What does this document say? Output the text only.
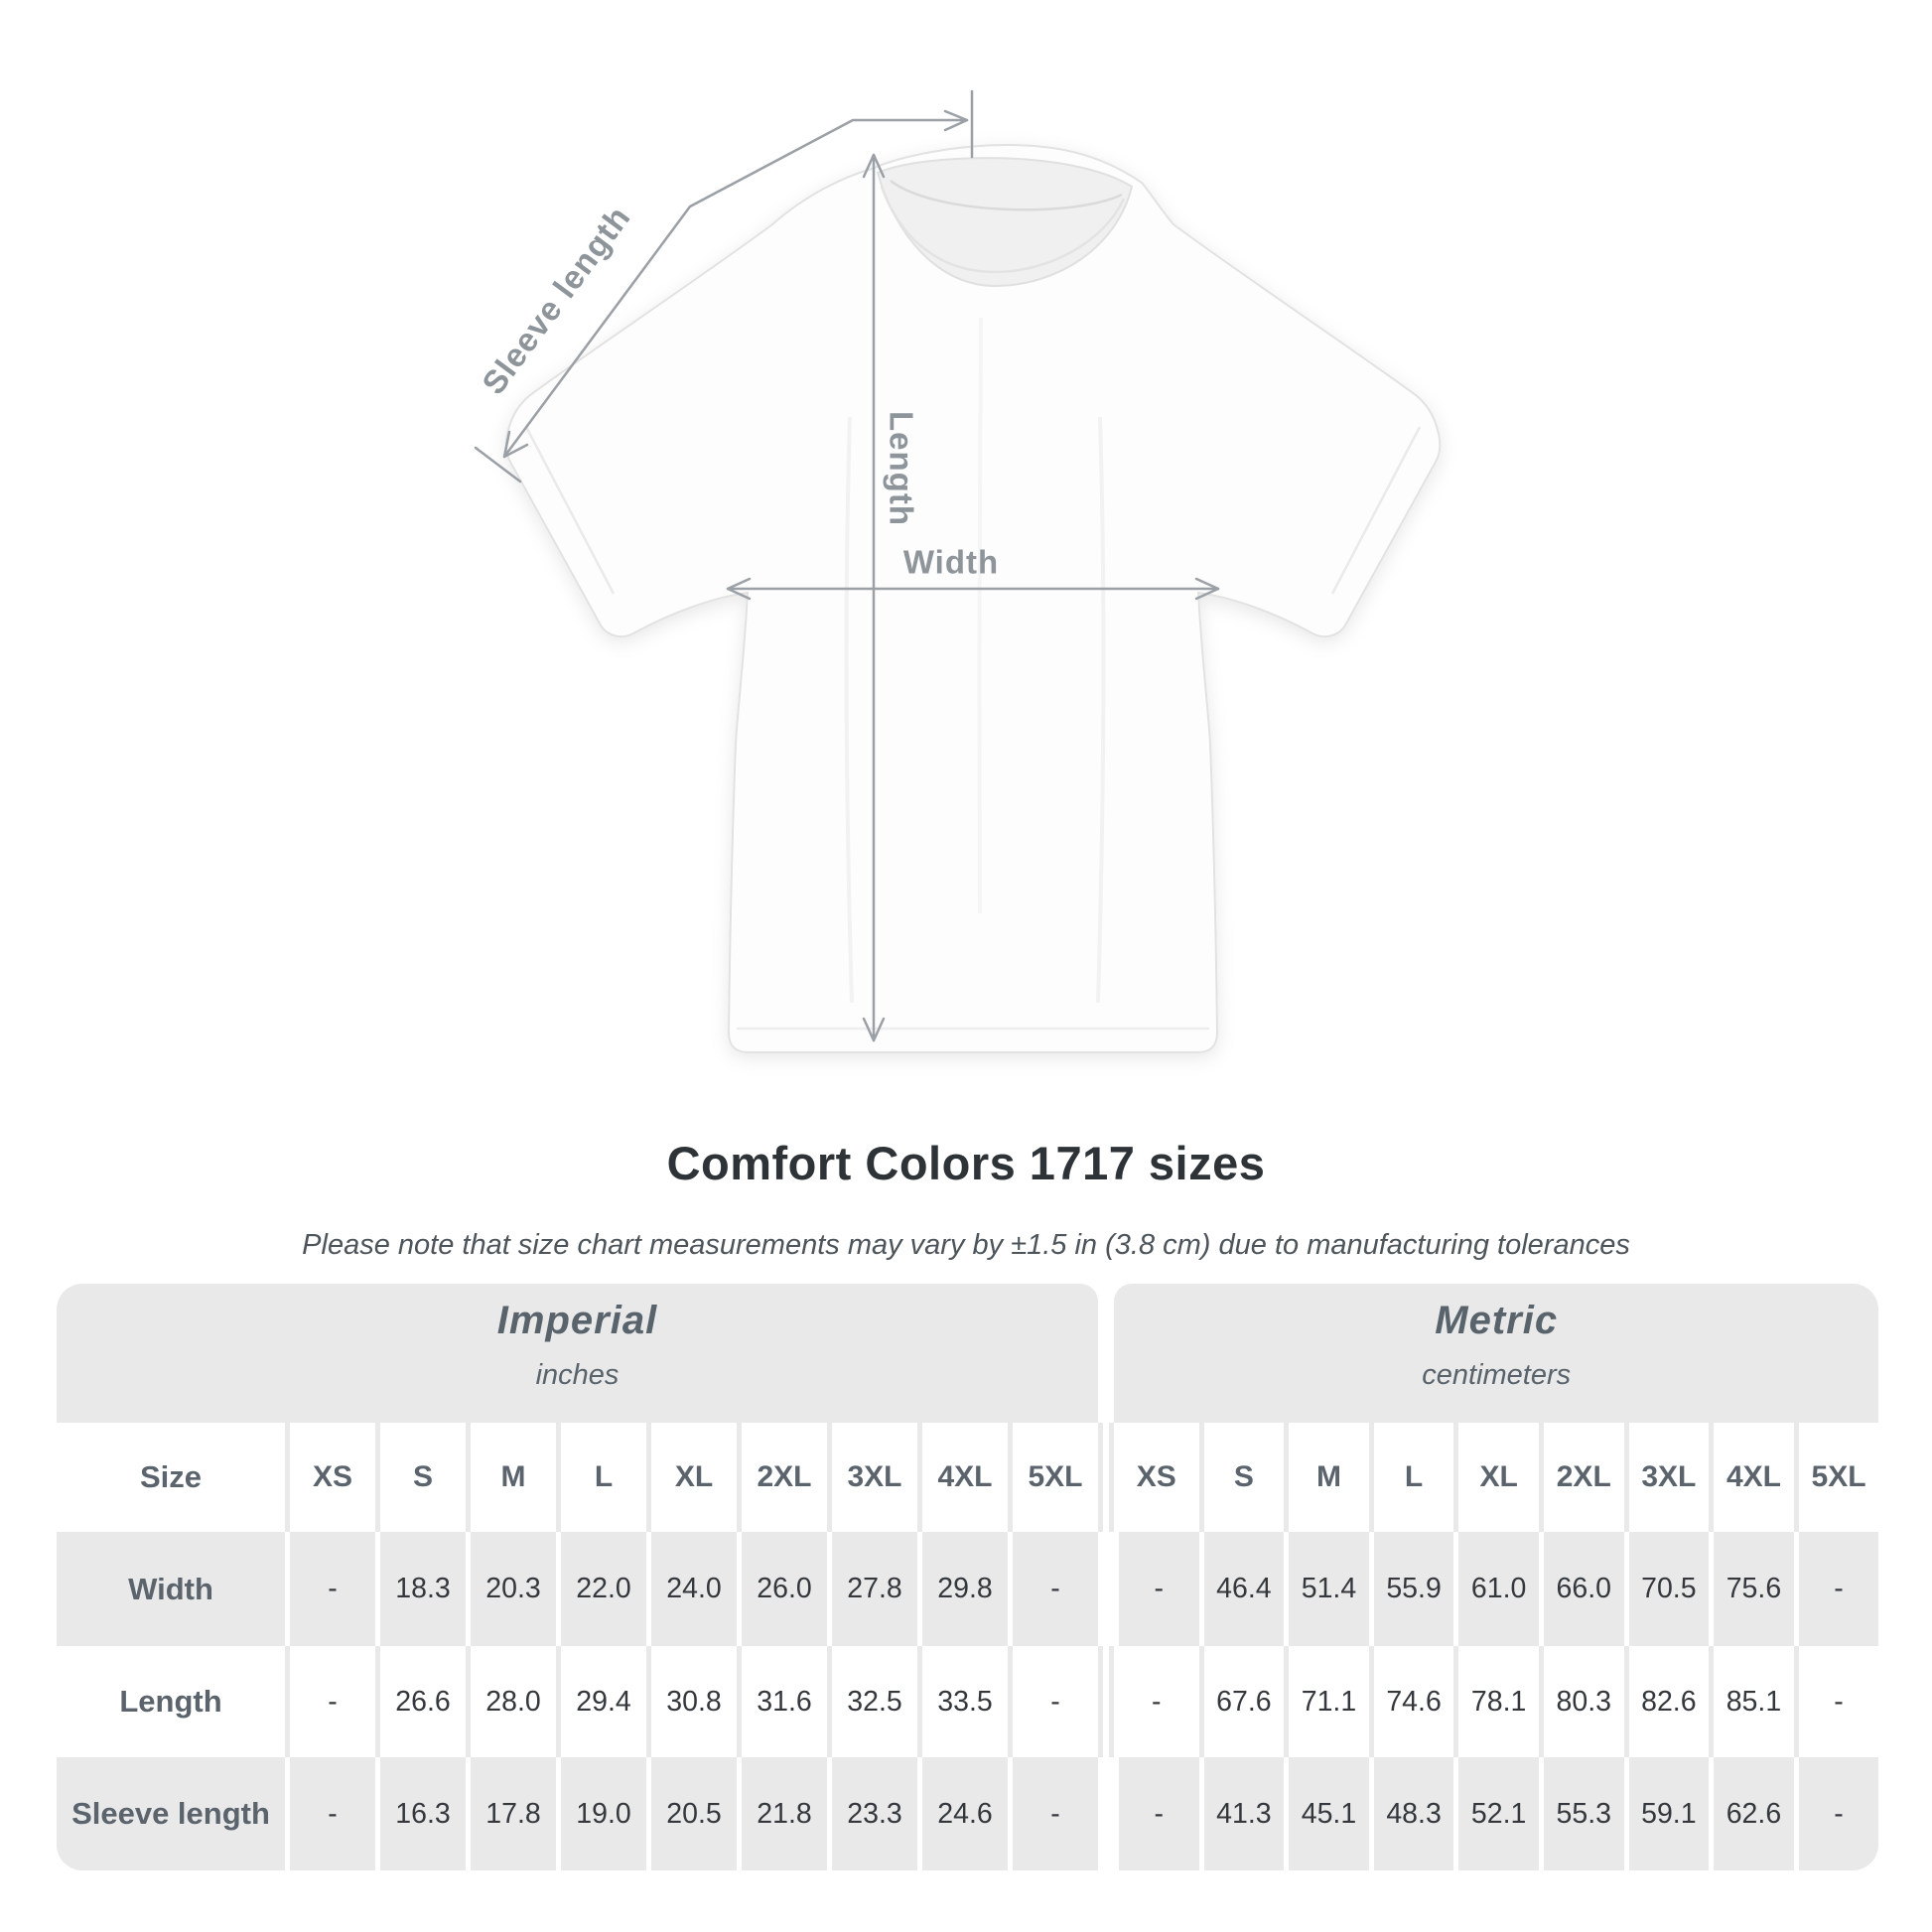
Sleeve length
Length
Width
Comfort Colors 1717 sizes

Please note that size chart measurements may vary by ±1.5 in (3.8 cm) due to manufacturing tolerances

Imperial
inches
Metric
centimeters
Size	XS	S	M	L	XL	2XL	3XL	4XL	5XL	XS	S	M	L	XL	2XL	3XL	4XL	5XL
Width	-	18.3	20.3	22.0	24.0	26.0	27.8	29.8	-	-	46.4	51.4	55.9	61.0	66.0	70.5	75.6	-
Length	-	26.6	28.0	29.4	30.8	31.6	32.5	33.5	-	-	67.6	71.1	74.6	78.1	80.3	82.6	85.1	-
Sleeve length	-	16.3	17.8	19.0	20.5	21.8	23.3	24.6	-	-	41.3	45.1	48.3	52.1	55.3	59.1	62.6	-
